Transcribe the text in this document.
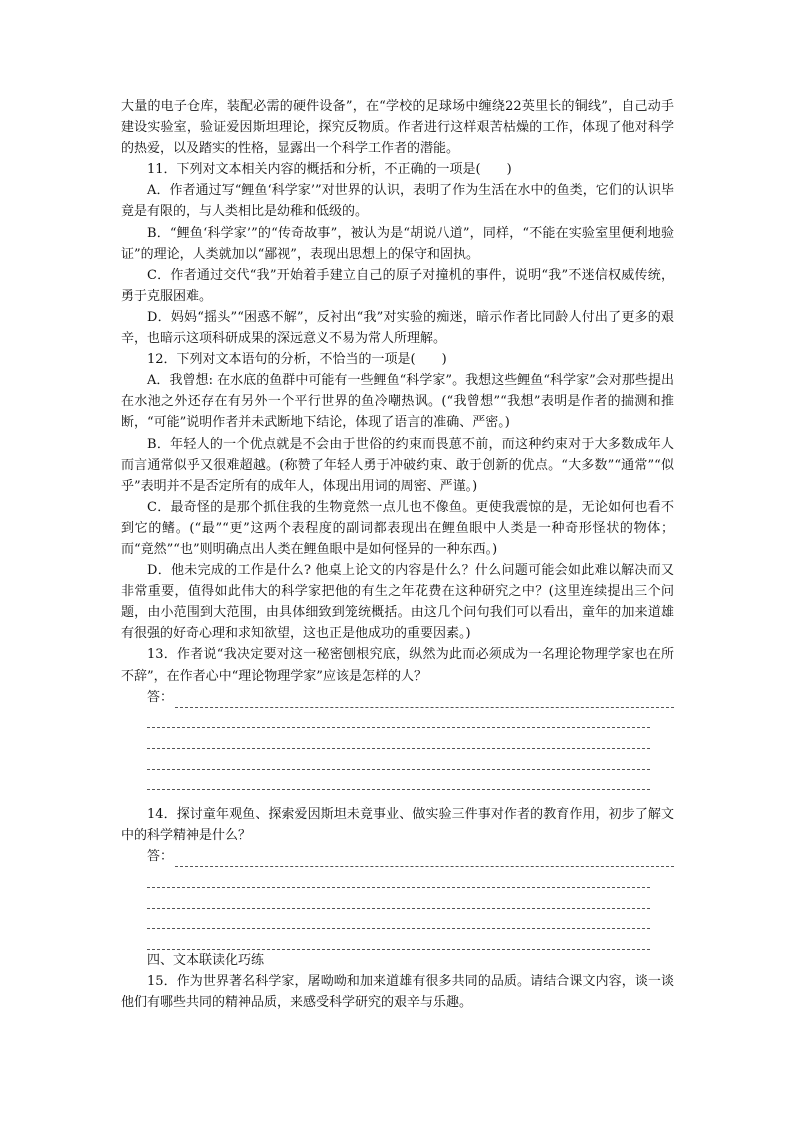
大量的电子仓库，装配必需的硬件设备”，在“学校的足球场中缠绕22英里长的铜线”，自己动手建设实验室，验证爱因斯坦理论，探究反物质。作者进行这样艰苦枯燥的工作，体现了他对科学的热爱，以及踏实的性格，显露出一个科学工作者的潜能。

11．下列对文本相关内容的概括和分析，不正确的一项是(　　)

A．作者通过写“鲤鱼‘科学家’”对世界的认识，表明了作为生活在水中的鱼类，它们的认识毕竟是有限的，与人类相比是幼稚和低级的。

B．“鲤鱼‘科学家’”的“传奇故事”，被认为是“胡说八道”，同样，“不能在实验室里便利地验证”的理论，人类就加以“鄙视”，表现出思想上的保守和固执。

C．作者通过交代“我”开始着手建立自己的原子对撞机的事件，说明“我”不迷信权威传统，勇于克服困难。

D．妈妈“摇头”“困惑不解”，反衬出“我”对实验的痴迷，暗示作者比同龄人付出了更多的艰辛，也暗示这项科研成果的深远意义不易为常人所理解。

12．下列对文本语句的分析，不恰当的一项是(　　)

A．我曾想: 在水底的鱼群中可能有一些鲤鱼“科学家”。我想这些鲤鱼“科学家”会对那些提出在水池之外还存在有另外一个平行世界的鱼冷嘲热讽。(“我曾想”“我想”表明是作者的揣测和推断，“可能”说明作者并未武断地下结论，体现了语言的准确、严密。)

B．年轻人的一个优点就是不会由于世俗的约束而畏葸不前，而这种约束对于大多数成年人而言通常似乎又很难超越。(称赞了年轻人勇于冲破约束、敢于创新的优点。“大多数”“通常”“似乎”表明并不是否定所有的成年人，体现出用词的周密、严谨。)

C．最奇怪的是那个抓住我的生物竟然一点儿也不像鱼。更使我震惊的是，无论如何也看不到它的鳍。(“最”“更”这两个表程度的副词都表现出在鲤鱼眼中人类是一种奇形怪状的物体；而“竟然”“也”则明确点出人类在鲤鱼眼中是如何怪异的一种东西。)

D．他未完成的工作是什么? 他桌上论文的内容是什么？什么问题可能会如此难以解决而又非常重要，值得如此伟大的科学家把他的有生之年花费在这种研究之中？(这里连续提出三个问题，由小范围到大范围，由具体细致到笼统概括。由这几个问句我们可以看出，童年的加来道雄有很强的好奇心理和求知欲望，这也正是他成功的重要因素。)

13．作者说“我决定要对这一秘密刨根究底，纵然为此而必须成为一名理论物理学家也在所不辞”，在作者心中“理论物理学家”应该是怎样的人？

答：

14．探讨童年观鱼、探索爱因斯坦未竟事业、做实验三件事对作者的教育作用，初步了解文中的科学精神是什么？

答：

四、文本联读化巧练

15．作为世界著名科学家，屠呦呦和加来道雄有很多共同的品质。请结合课文内容，谈一谈他们有哪些共同的精神品质，来感受科学研究的艰辛与乐趣。
